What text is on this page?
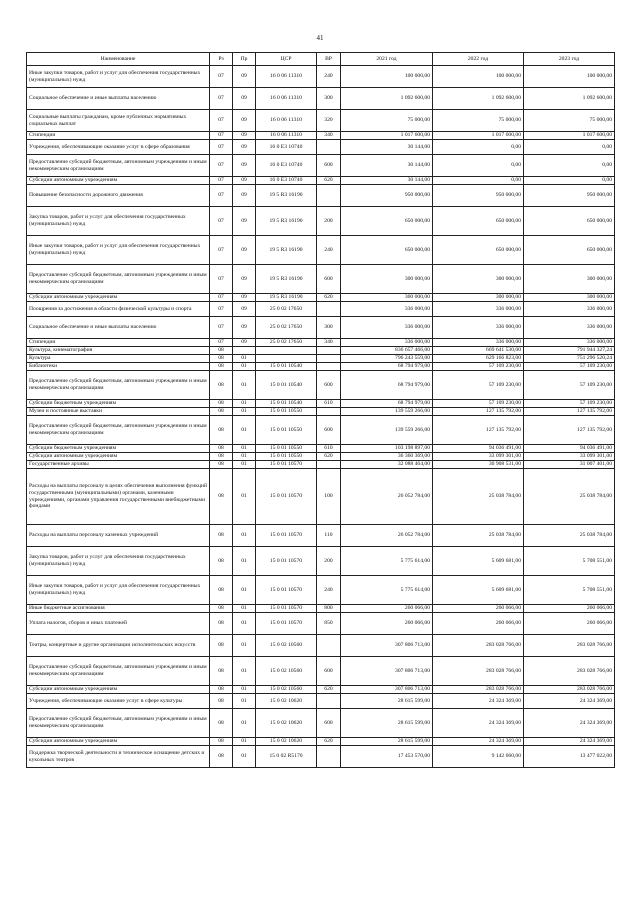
41
Наименование	Рз	Пр	ЦСР	ВР	2021 год	2022 год	2023 год
Иные закупки товаров, работ и услуг для обеспечения государственных (муниципальных) нужд	07	09	16 0 06 11310	240	100 000,00	100 000,00	100 000,00
Социальное обеспечение и иные выплаты населению	07	09	16 0 06 11310	300	1 092 600,00	1 092 600,00	1 092 600,00
Социальные выплаты гражданам, кроме публичных нормативных социальных выплат	07	09	16 0 06 11310	320	75 000,00	75 000,00	75 000,00
Стипендии	07	09	16 0 06 11310	340	1 017 600,00	1 017 600,00	1 017 600,00
Учреждения, обеспечивающие оказание услуг в сфере образования	07	09	16 0 E3 10740		30 144,00	0,00	0,00
Предоставление субсидий бюджетным, автономным учреждениям и иным некоммерческим организациям	07	09	16 0 E3 10740	600	30 144,00	0,00	0,00
Субсидии автономным учреждениям	07	09	16 0 E3 10740	620	30 144,00	0,00	0,00
Повышение безопасности дорожного движения	07	09	19 5 R3 16190		950 000,00	950 000,00	950 000,00
Закупка товаров, работ и услуг для обеспечения государственных (муниципальных) нужд	07	09	19 5 R3 16190	200	650 000,00	650 000,00	650 000,00
Иные закупки товаров, работ и услуг для обеспечения государственных (муниципальных) нужд	07	09	19 5 R3 16190	240	650 000,00	650 000,00	650 000,00
Предоставление субсидий бюджетным, автономным учреждениям и иным некоммерческим организациям	07	09	19 5 R3 16190	600	300 000,00	300 000,00	300 000,00
Субсидии автономным учреждениям	07	09	19 5 R3 16190	620	300 000,00	300 000,00	300 000,00
Поощрения за достижения в области физической культуры и спорта	07	09	25 0 02 17650		336 000,00	336 000,00	336 000,00
Социальное обеспечение и иные выплаты населению	07	09	25 0 02 17650	300	336 000,00	336 000,00	336 000,00
Стипендии	07	09	25 0 02 17650	340	336 000,00	336 000,00	336 000,00
Культура, кинематография	08				836 657 466,00	669 641 530,00	791 944 327,24
Культура	08	01			796 243 559,00	629 166 823,00	751 296 520,24
Библиотеки	08	01	15 0 01 10540		68 794 979,00	57 109 230,00	57 109 230,00
Предоставление субсидий бюджетным, автономным учреждениям и иным некоммерческим организациям	08	01	15 0 01 10540	600	68 794 979,00	57 109 230,00	57 109 230,00
Субсидии бюджетным учреждениям	08	01	15 0 01 10540	610	68 794 979,00	57 109 230,00	57 109 230,00
Музеи и постоянные выставки	08	01	15 0 01 10550		139 559 266,00	127 135 792,00	127 135 792,00
Предоставление субсидий бюджетным, автономным учреждениям и иным некоммерческим организациям	08	01	15 0 01 10550	600	139 559 266,00	127 135 792,00	127 135 792,00
Субсидии бюджетным учреждениям	08	01	15 0 01 10550	610	103 198 897,00	94 036 491,00	94 036 491,00
Субсидии автономным учреждениям	08	01	15 0 01 10550	620	36 360 369,00	33 099 301,00	33 099 301,00
Государственные архивы	08	01	15 0 01 10570		32 088 464,00	30 908 531,00	31 007 401,00
Расходы на выплаты персоналу в целях обеспечения выполнения функций государственными (муниципальными) органами, казенными учреждениями, органами управления государственными внебюджетными фондами	08	01	15 0 01 10570	100	26 052 784,00	25 038 784,00	25 038 784,00
Расходы на выплаты персоналу казенных учреждений	08	01	15 0 01 10570	110	26 052 784,00	25 038 784,00	25 038 784,00
Закупка товаров, работ и услуг для обеспечения государственных (муниципальных) нужд	08	01	15 0 01 10570	200	5 775 614,00	5 609 681,00	5 708 551,00
Иные закупки товаров, работ и услуг для обеспечения государственных (муниципальных) нужд	08	01	15 0 01 10570	240	5 775 614,00	5 609 681,00	5 708 551,00
Иные бюджетные ассигнования	08	01	15 0 01 10570	800	260 066,00	260 066,00	260 066,00
Уплата налогов, сборов и иных платежей	08	01	15 0 01 10570	850	260 066,00	260 066,00	260 066,00
Театры, концертные и другие организации исполнительских искусств	08	01	15 0 02 10560		307 806 713,00	283 028 766,00	283 028 766,00
Предоставление субсидий бюджетным, автономным учреждениям и иным некоммерческим организациям	08	01	15 0 02 10560	600	307 806 713,00	283 028 766,00	283 028 766,00
Субсидии автономным учреждениям	08	01	15 0 02 10560	620	307 806 713,00	283 028 766,00	283 028 766,00
Учреждения, обеспечивающие оказание услуг в сфере культуры	08	01	15 0 02 10620		28 615 599,00	24 324 369,00	24 324 369,00
Предоставление субсидий бюджетным, автономным учреждениям и иным некоммерческим организациям	08	01	15 0 02 10620	600	28 615 599,00	24 324 369,00	24 324 369,00
Субсидии автономным учреждениям	08	01	15 0 02 10620	620	28 615 599,00	24 324 369,00	24 324 369,00
Поддержка творческой деятельности и техническое оснащение детских и кукольных театров	08	01	15 0 02 R5170		17 453 570,00	9 142 660,00	13 477 022,00
